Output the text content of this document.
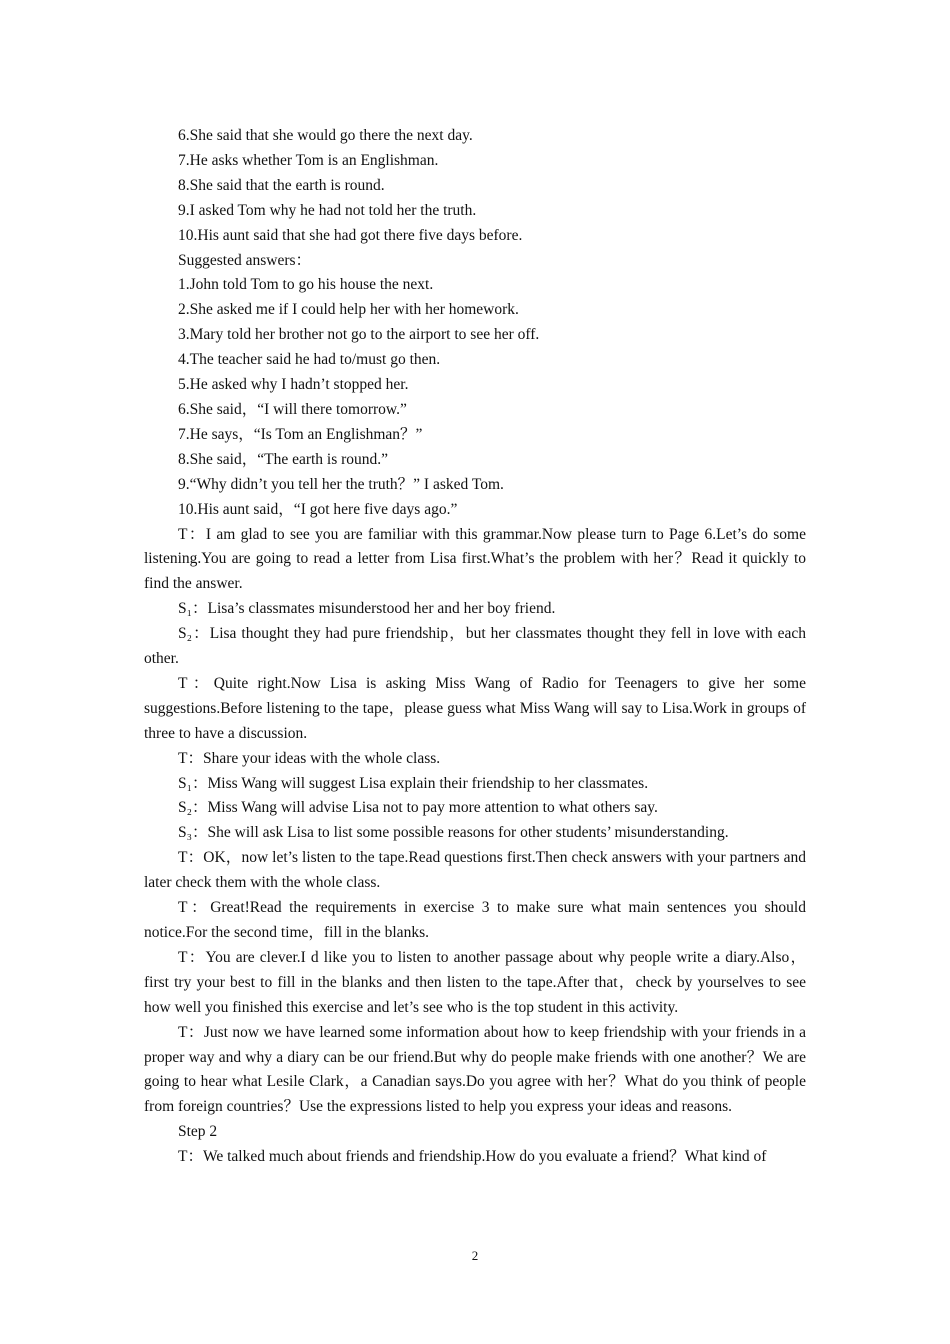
6.She said that she would go there the next day.

7.He asks whether Tom is an Englishman.

8.She said that the earth is round.

9.I asked Tom why he had not told her the truth.

10.His aunt said that she had got there five days before.

Suggested answers：

1.John told Tom to go his house the next.

2.She asked me if I could help her with her homework.

3.Mary told her brother not go to the airport to see her off.

4.The teacher said he had to/must go then.

5.He asked why I hadn’t stopped her.

6.She said，“I will there tomorrow.”

7.He says，“Is Tom an Englishman？”

8.She said，“The earth is round.”

9.“Why didn’t you tell her the truth？” I asked Tom.

10.His aunt said，“I got here five days ago.”

T：I am glad to see you are familiar with this grammar.Now please turn to Page 6.Let’s do some listening.You are going to read a letter from Lisa first.What’s the problem with her？Read it quickly to find the answer.

S₁：Lisa’s classmates misunderstood her and her boy friend.

S₂：Lisa thought they had pure friendship，but her classmates thought they fell in love with each other.

T：Quite right.Now Lisa is asking Miss Wang of Radio for Teenagers to give her some suggestions.Before listening to the tape，please guess what Miss Wang will say to Lisa.Work in groups of three to have a discussion.

T：Share your ideas with the whole class.

S₁：Miss Wang will suggest Lisa explain their friendship to her classmates.

S₂：Miss Wang will advise Lisa not to pay more attention to what others say.

S₃：She will ask Lisa to list some possible reasons for other students’ misunderstanding.

T：OK，now let’s listen to the tape.Read questions first.Then check answers with your partners and later check them with the whole class.

T：Great!Read the requirements in exercise 3 to make sure what main sentences you should notice.For the second time，fill in the blanks.

T：You are clever.I d like you to listen to another passage about why people write a diary.Also，first try your best to fill in the blanks and then listen to the tape.After that，check by yourselves to see how well you finished this exercise and let’s see who is the top student in this activity.

T：Just now we have learned some information about how to keep friendship with your friends in a proper way and why a diary can be our friend.But why do people make friends with one another？We are going to hear what Lesile Clark，a Canadian says.Do you agree with her？What do you think of people from foreign countries？Use the expressions listed to help you express your ideas and reasons.

Step 2

T：We talked much about friends and friendship.How do you evaluate a friend？What kind of

2
